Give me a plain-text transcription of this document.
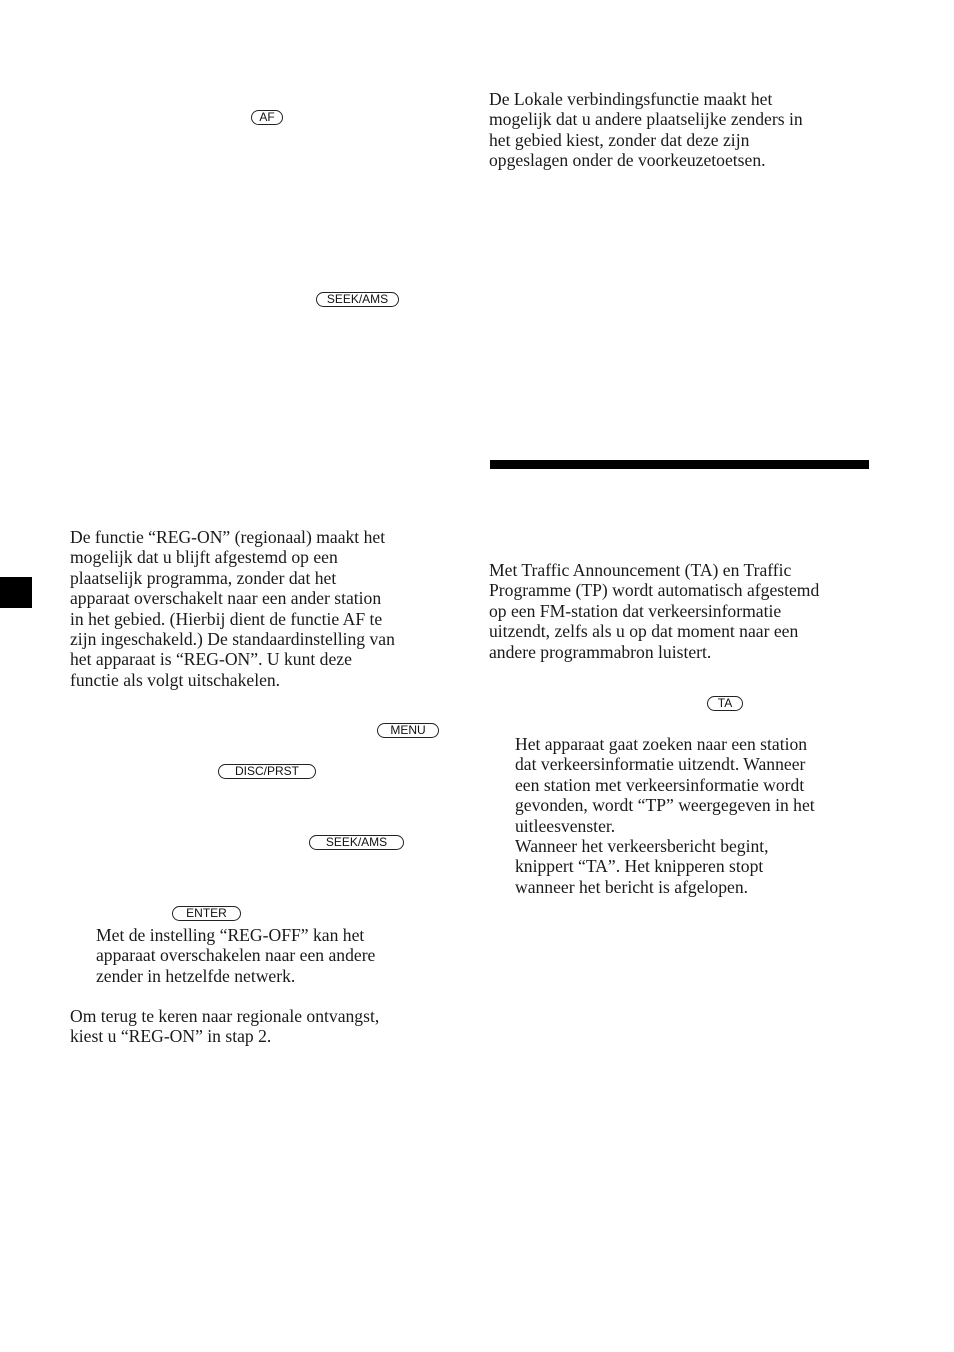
AF
SEEK/AMS

De functie “REG-ON” (regionaal) maakt het
mogelijk dat u blijft afgestemd op een
plaatselijk programma, zonder dat het
apparaat overschakelt naar een ander station
in het gebied. (Hierbij dient de functie AF te
zijn ingeschakeld.) De standaardinstelling van
het apparaat is “REG-ON”. U kunt deze
functie als volgt uitschakelen.

MENU
DISC/PRST
SEEK/AMS
ENTER

Met de instelling “REG-OFF” kan het
apparaat overschakelen naar een andere
zender in hetzelfde netwerk.

Om terug te keren naar regionale ontvangst,
kiest u “REG-ON” in stap 2.

De Lokale verbindingsfunctie maakt het
mogelijk dat u andere plaatselijke zenders in
het gebied kiest, zonder dat deze zijn
opgeslagen onder de voorkeuzetoetsen.

Met Traffic Announcement (TA) en Traffic
Programme (TP) wordt automatisch afgestemd
op een FM-station dat verkeersinformatie
uitzendt, zelfs als u op dat moment naar een
andere programmabron luistert.

TA

Het apparaat gaat zoeken naar een station
dat verkeersinformatie uitzendt. Wanneer
een station met verkeersinformatie wordt
gevonden, wordt “TP” weergegeven in het
uitleesvenster.
Wanneer het verkeersbericht begint,
knippert “TA”. Het knipperen stopt
wanneer het bericht is afgelopen.
